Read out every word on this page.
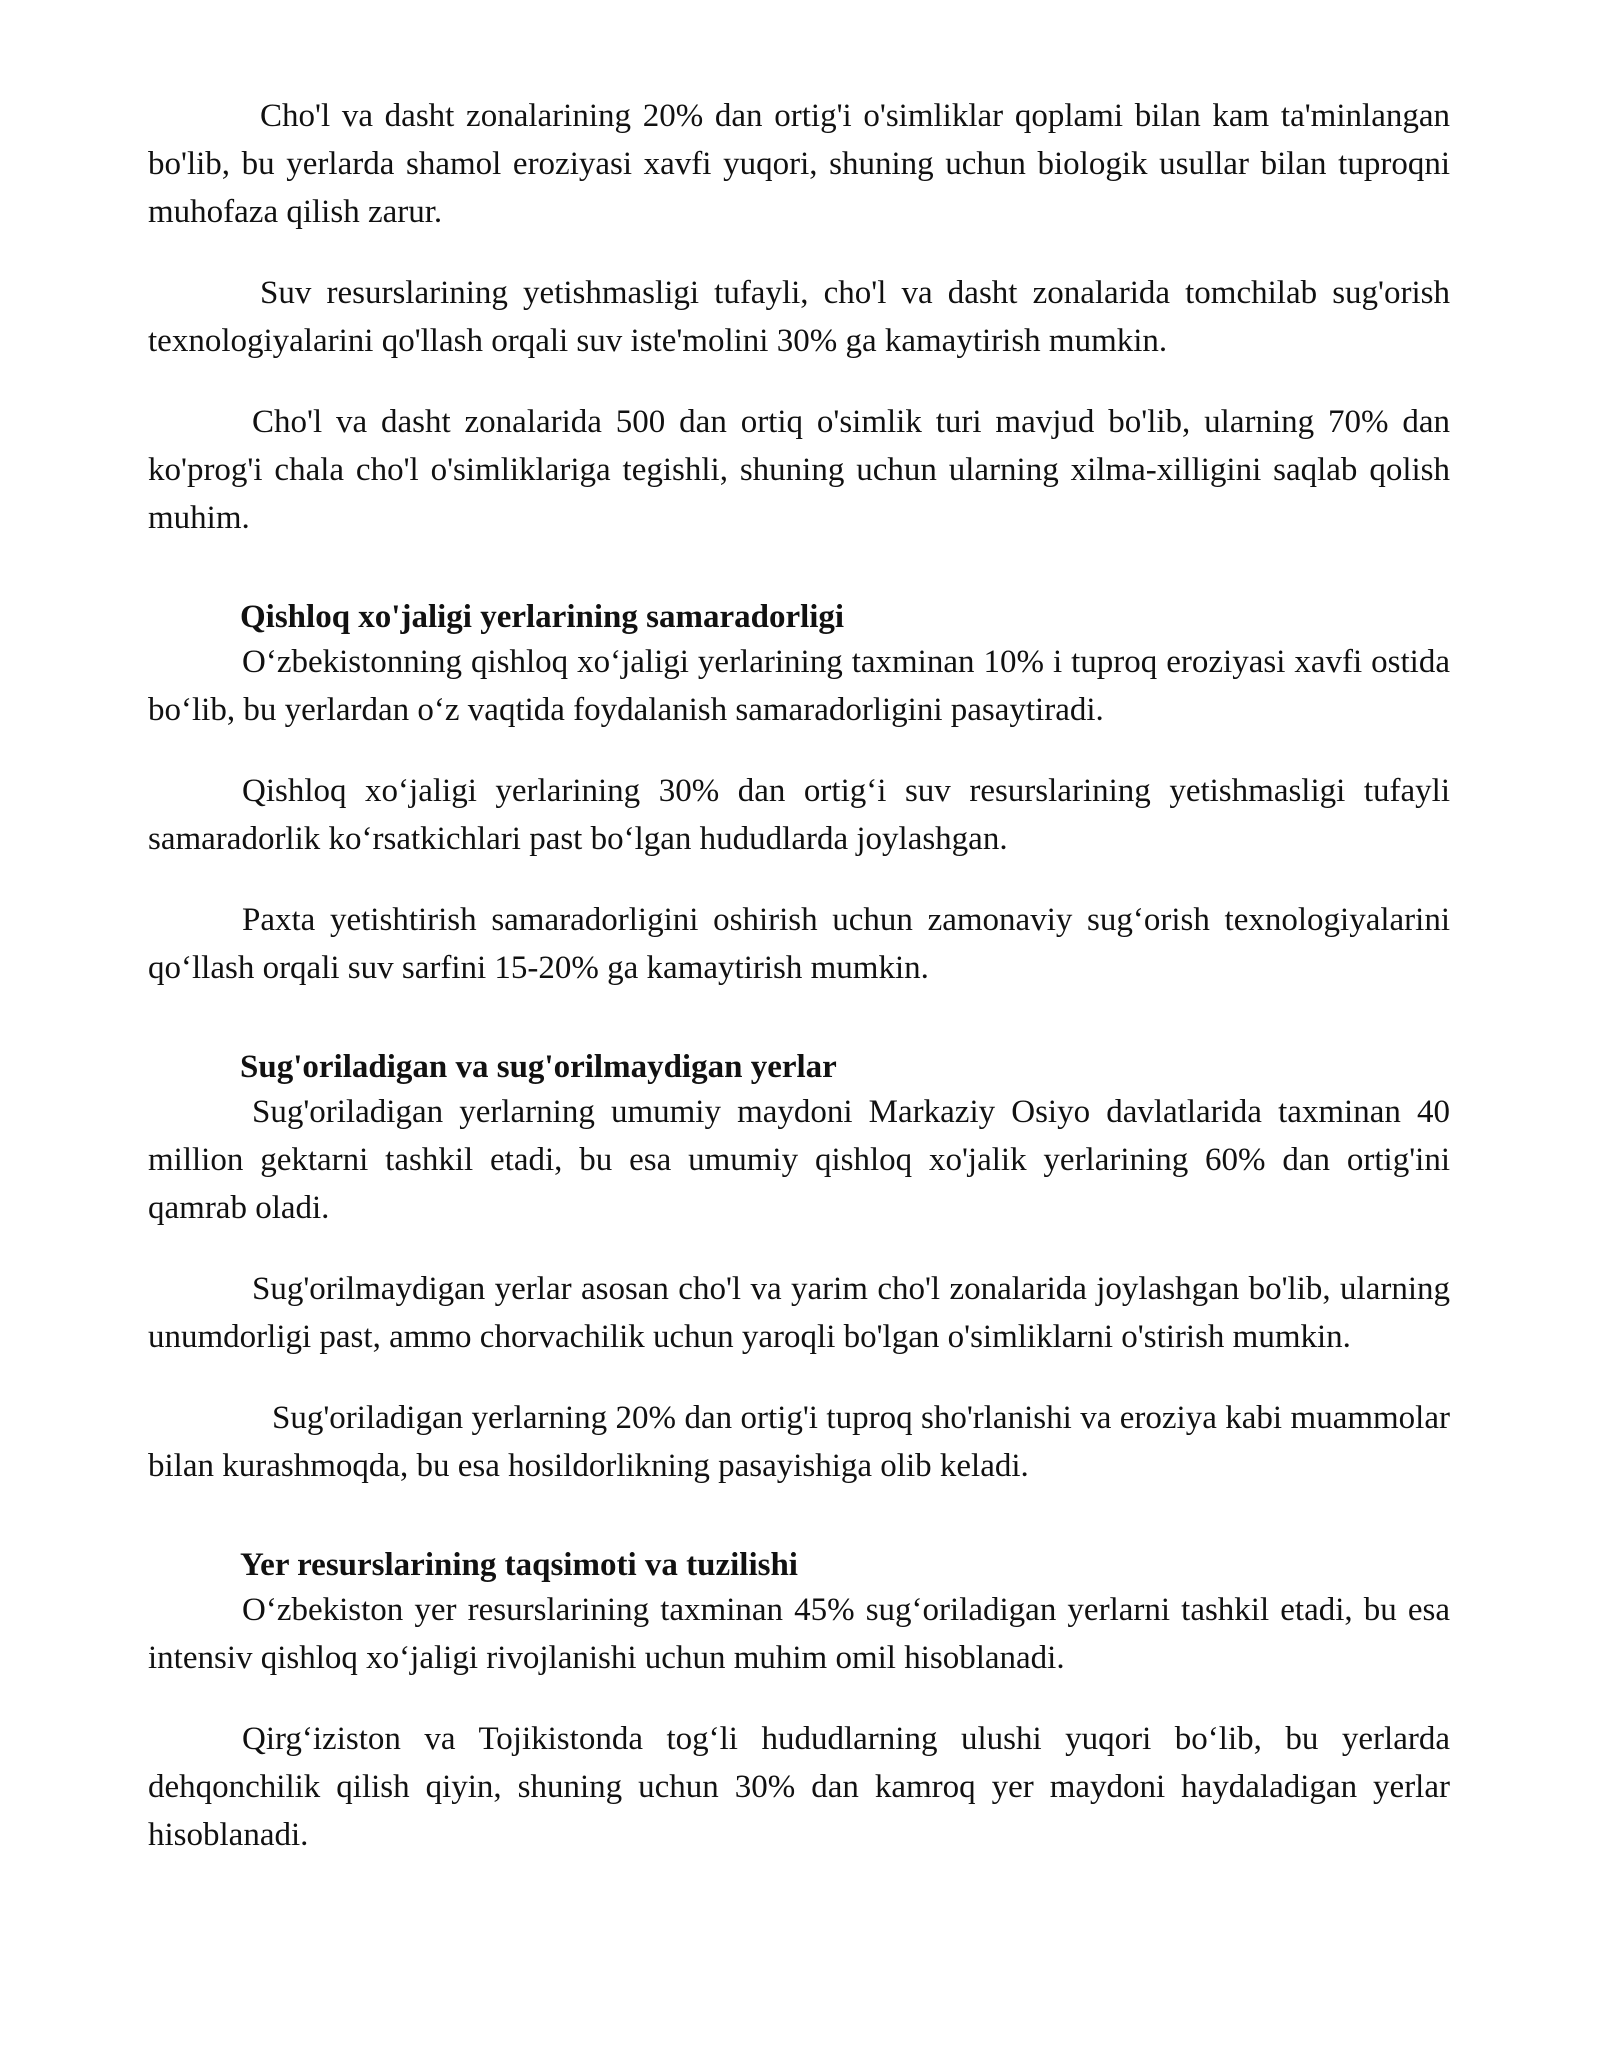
Cho'l va dasht zonalarining 20% dan ortig'i o'simliklar qoplami bilan kam ta'minlangan bo'lib, bu yerlarda shamol eroziyasi xavfi yuqori, shuning uchun biologik usullar bilan tuproqni muhofaza qilish zarur.

Suv resurslarining yetishmasligi tufayli, cho'l va dasht zonalarida tomchilab sug'orish texnologiyalarini qo'llash orqali suv iste'molini 30% ga kamaytirish mumkin.

Cho'l va dasht zonalarida 500 dan ortiq o'simlik turi mavjud bo'lib, ularning 70% dan ko'prog'i chala cho'l o'simliklariga tegishli, shuning uchun ularning xilma-xilligini saqlab qolish muhim.

Qishloq xo'jaligi yerlarining samaradorligi

O‘zbekistonning qishloq xo‘jaligi yerlarining taxminan 10% i tuproq eroziyasi xavfi ostida bo‘lib, bu yerlardan o‘z vaqtida foydalanish samaradorligini pasaytiradi.

Qishloq xo‘jaligi yerlarining 30% dan ortig‘i suv resurslarining yetishmasligi tufayli samaradorlik ko‘rsatkichlari past bo‘lgan hududlarda joylashgan.

Paxta yetishtirish samaradorligini oshirish uchun zamonaviy sug‘orish texnologiyalarini qo‘llash orqali suv sarfini 15-20% ga kamaytirish mumkin.

Sug'oriladigan va sug'orilmaydigan yerlar

Sug'oriladigan yerlarning umumiy maydoni Markaziy Osiyo davlatlarida taxminan 40 million gektarni tashkil etadi, bu esa umumiy qishloq xo'jalik yerlarining 60% dan ortig'ini qamrab oladi.

Sug'orilmaydigan yerlar asosan cho'l va yarim cho'l zonalarida joylashgan bo'lib, ularning unumdorligi past, ammo chorvachilik uchun yaroqli bo'lgan o'simliklarni o'stirish mumkin.

Sug'oriladigan yerlarning 20% dan ortig'i tuproq sho'rlanishi va eroziya kabi muammolar bilan kurashmoqda, bu esa hosildorlikning pasayishiga olib keladi.

Yer resurslarining taqsimoti va tuzilishi

O‘zbekiston yer resurslarining taxminan 45% sug‘oriladigan yerlarni tashkil etadi, bu esa intensiv qishloq xo‘jaligi rivojlanishi uchun muhim omil hisoblanadi.

Qirg‘iziston va Tojikistonda tog‘li hududlarning ulushi yuqori bo‘lib, bu yerlarda dehqonchilik qilish qiyin, shuning uchun 30% dan kamroq yer maydoni haydaladigan yerlar hisoblanadi.
